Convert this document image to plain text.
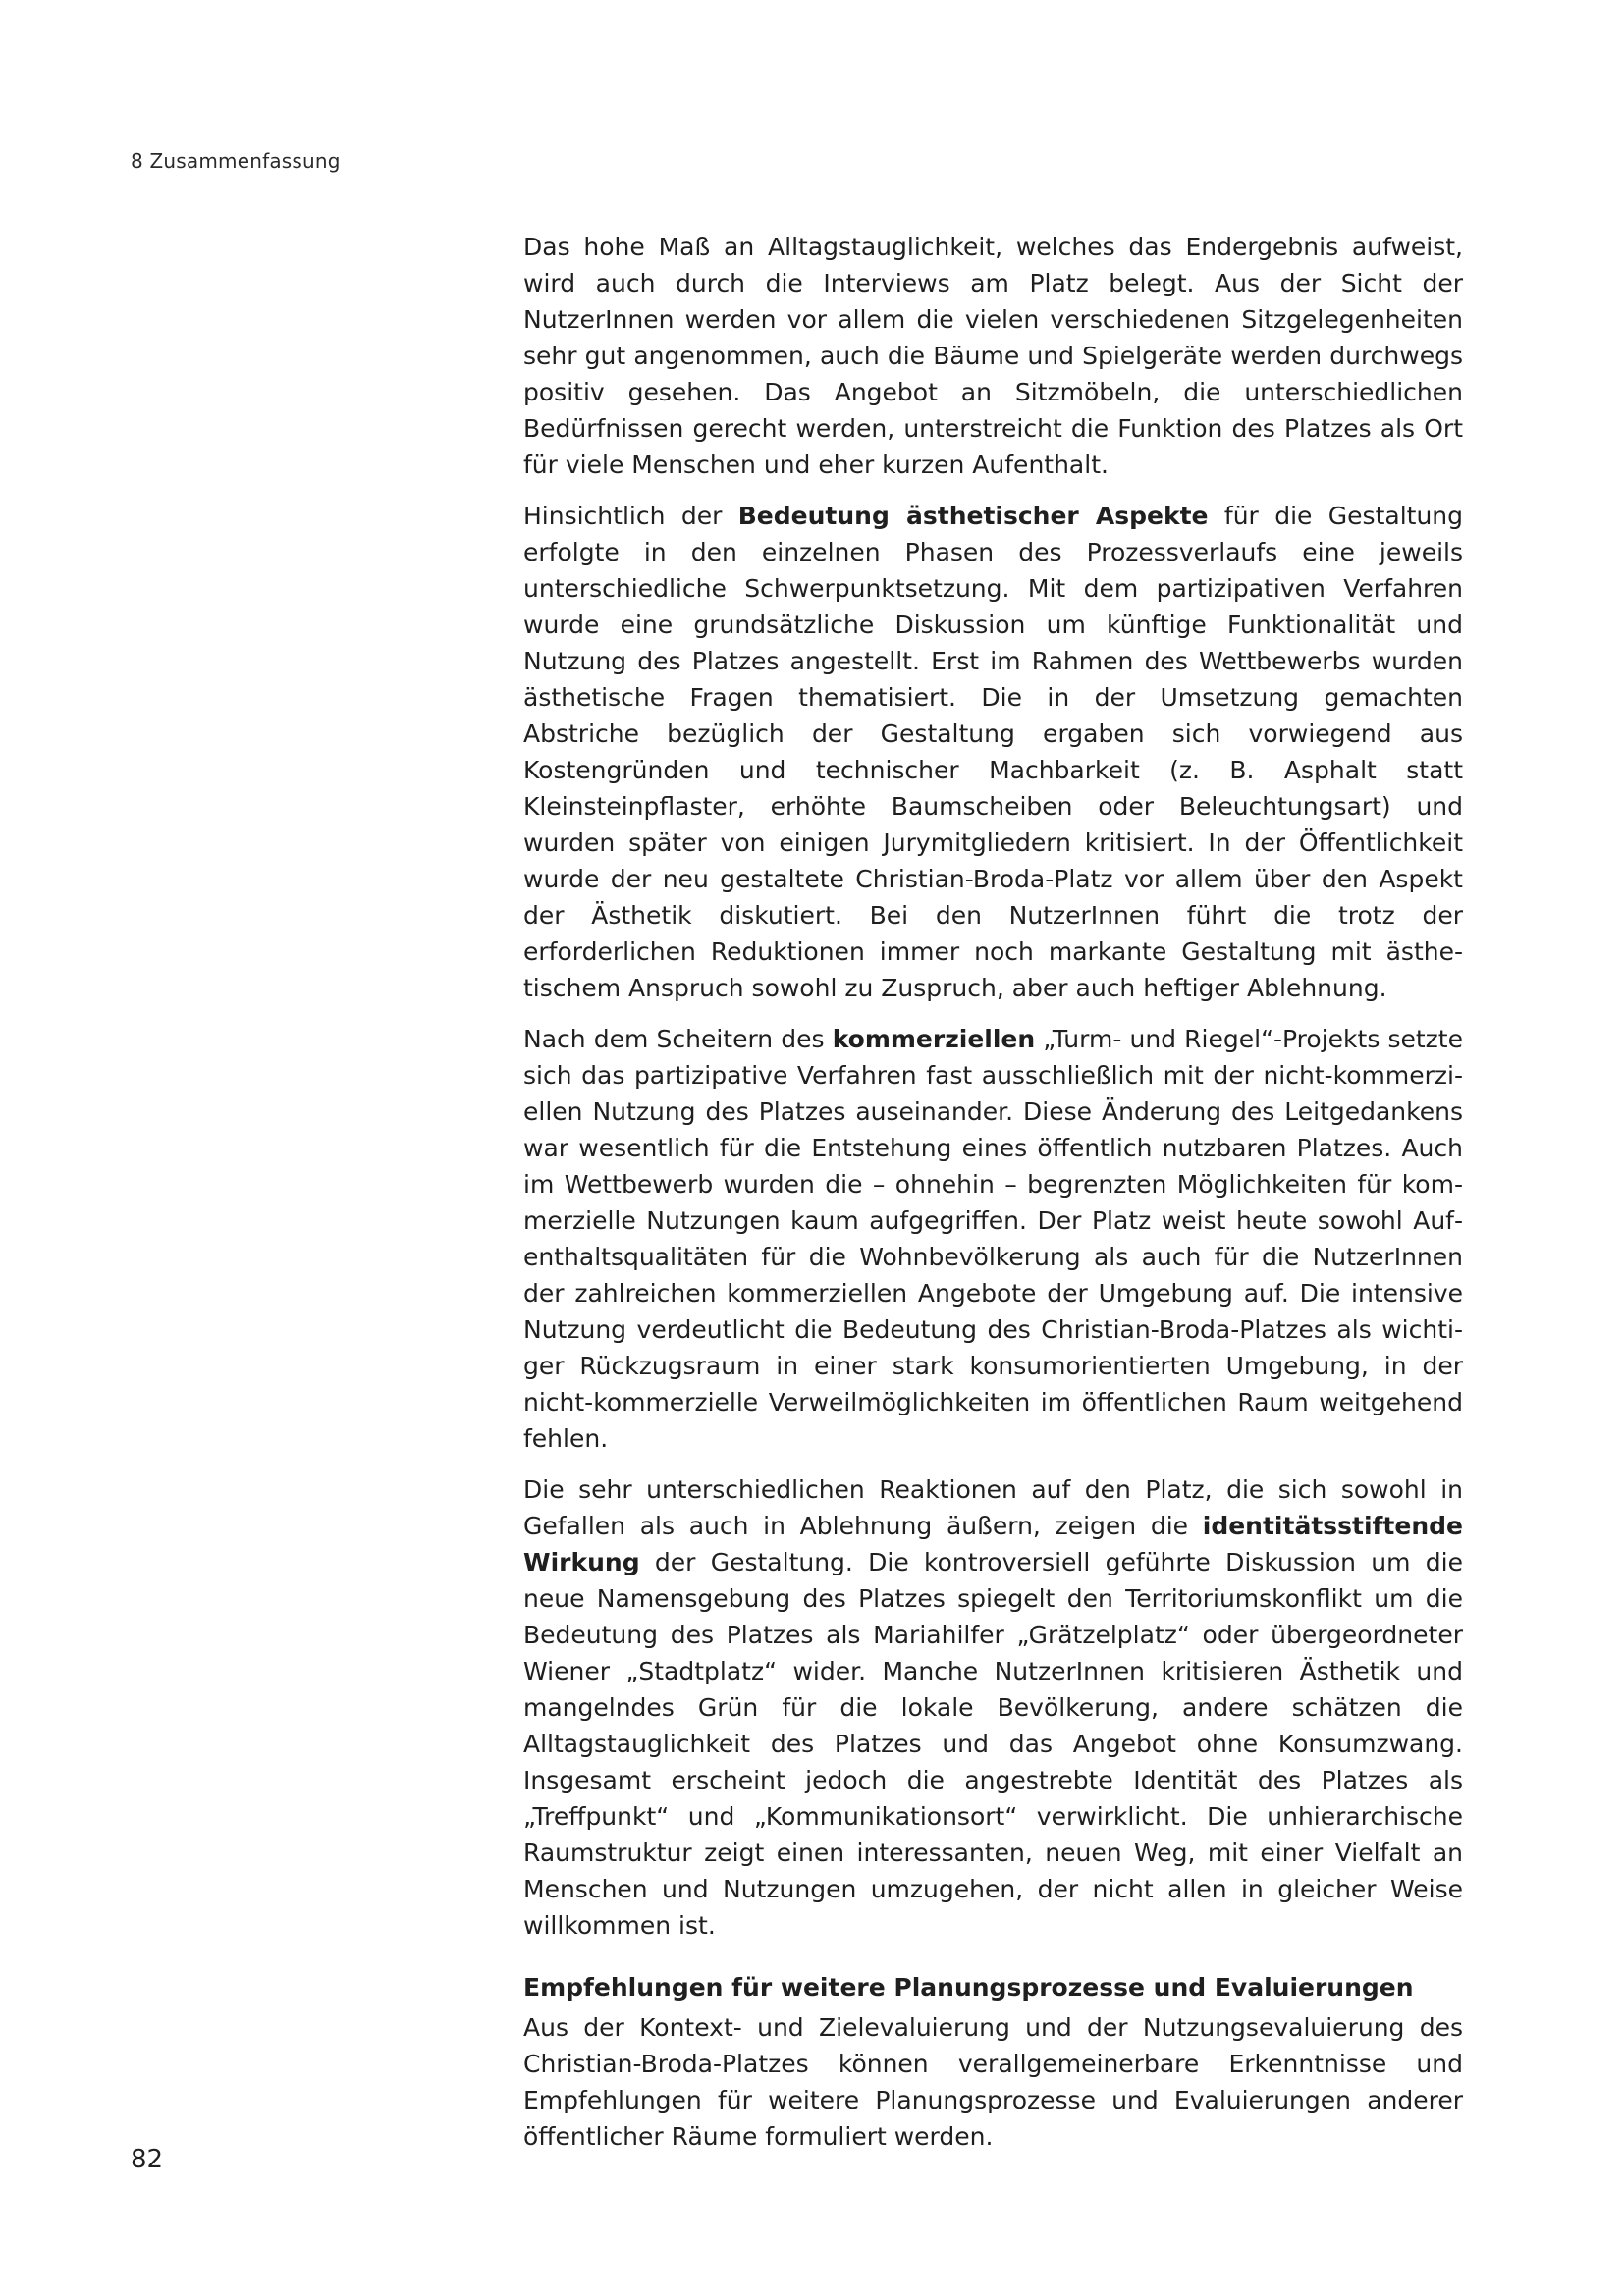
8 Zusammenfassung

Das hohe Maß an Alltagstauglichkeit, welches das Endergebnis aufweist, wird auch durch die Interviews am Platz belegt. Aus der Sicht der NutzerInnen werden vor allem die vielen verschiedenen Sitzgelegenheiten sehr gut angenommen, auch die Bäume und Spielgeräte werden durchwegs positiv gesehen. Das Angebot an Sitzmöbeln, die unterschiedlichen Bedürfnissen gerecht werden, unterstreicht die Funktion des Platzes als Ort für viele Menschen und eher kurzen Aufenthalt.

Hinsichtlich der Bedeutung ästhetischer Aspekte für die Gestaltung erfolgte in den einzelnen Phasen des Prozessverlaufs eine jeweils unterschiedliche Schwerpunktsetzung. Mit dem partizipativen Verfahren wurde eine grundsätzliche Diskussion um künftige Funktionalität und Nutzung des Platzes angestellt. Erst im Rahmen des Wettbewerbs wurden ästhetische Fragen thematisiert. Die in der Umsetzung gemachten Abstriche bezüglich der Gestaltung ergaben sich vorwiegend aus Kostengründen und technischer Machbarkeit (z. B. Asphalt statt Kleinsteinpflaster, erhöhte Baumscheiben oder Beleuchtungsart) und wurden später von einigen Jurymitgliedern kritisiert. In der Öffentlichkeit wurde der neu gestaltete Christian-Broda-Platz vor allem über den Aspekt der Ästhetik diskutiert. Bei den NutzerInnen führt die trotz der erforderlichen Reduktionen immer noch markante Gestaltung mit ästhetischem Anspruch sowohl zu Zuspruch, aber auch heftiger Ablehnung.

Nach dem Scheitern des kommerziellen „Turm- und Riegel“-Projekts setzte sich das partizipative Verfahren fast ausschließlich mit der nicht-kommerziellen Nutzung des Platzes auseinander. Diese Änderung des Leitgedankens war wesentlich für die Entstehung eines öffentlich nutzbaren Platzes. Auch im Wettbewerb wurden die – ohnehin – begrenzten Möglichkeiten für kommerzielle Nutzungen kaum aufgegriffen. Der Platz weist heute sowohl Aufenthaltsqualitäten für die Wohnbevölkerung als auch für die NutzerInnen der zahlreichen kommerziellen Angebote der Umgebung auf. Die intensive Nutzung verdeutlicht die Bedeutung des Christian-Broda-Platzes als wichtiger Rückzugsraum in einer stark konsumorientierten Umgebung, in der nicht-kommerzielle Verweilmöglichkeiten im öffentlichen Raum weitgehend fehlen.

Die sehr unterschiedlichen Reaktionen auf den Platz, die sich sowohl in Gefallen als auch in Ablehnung äußern, zeigen die identitätsstiftende Wirkung der Gestaltung. Die kontroversiell geführte Diskussion um die neue Namensgebung des Platzes spiegelt den Territoriumskonflikt um die Bedeutung des Platzes als Mariahilfer „Grätzelplatz“ oder übergeordneter Wiener „Stadtplatz“ wider. Manche NutzerInnen kritisieren Ästhetik und mangelndes Grün für die lokale Bevölkerung, andere schätzen die Alltagstauglichkeit des Platzes und das Angebot ohne Konsumzwang. Insgesamt erscheint jedoch die angestrebte Identität des Platzes als „Treffpunkt“ und „Kommunikationsort“ verwirklicht. Die unhierarchische Raumstruktur zeigt einen interessanten, neuen Weg, mit einer Vielfalt an Menschen und Nutzungen umzugehen, der nicht allen in gleicher Weise willkommen ist.

Empfehlungen für weitere Planungsprozesse und Evaluierungen

Aus der Kontext- und Zielevaluierung und der Nutzungsevaluierung des Christian-Broda-Platzes können verallgemeinerbare Erkenntnisse und Empfehlungen für weitere Planungsprozesse und Evaluierungen anderer öffentlicher Räume formuliert werden.

82
